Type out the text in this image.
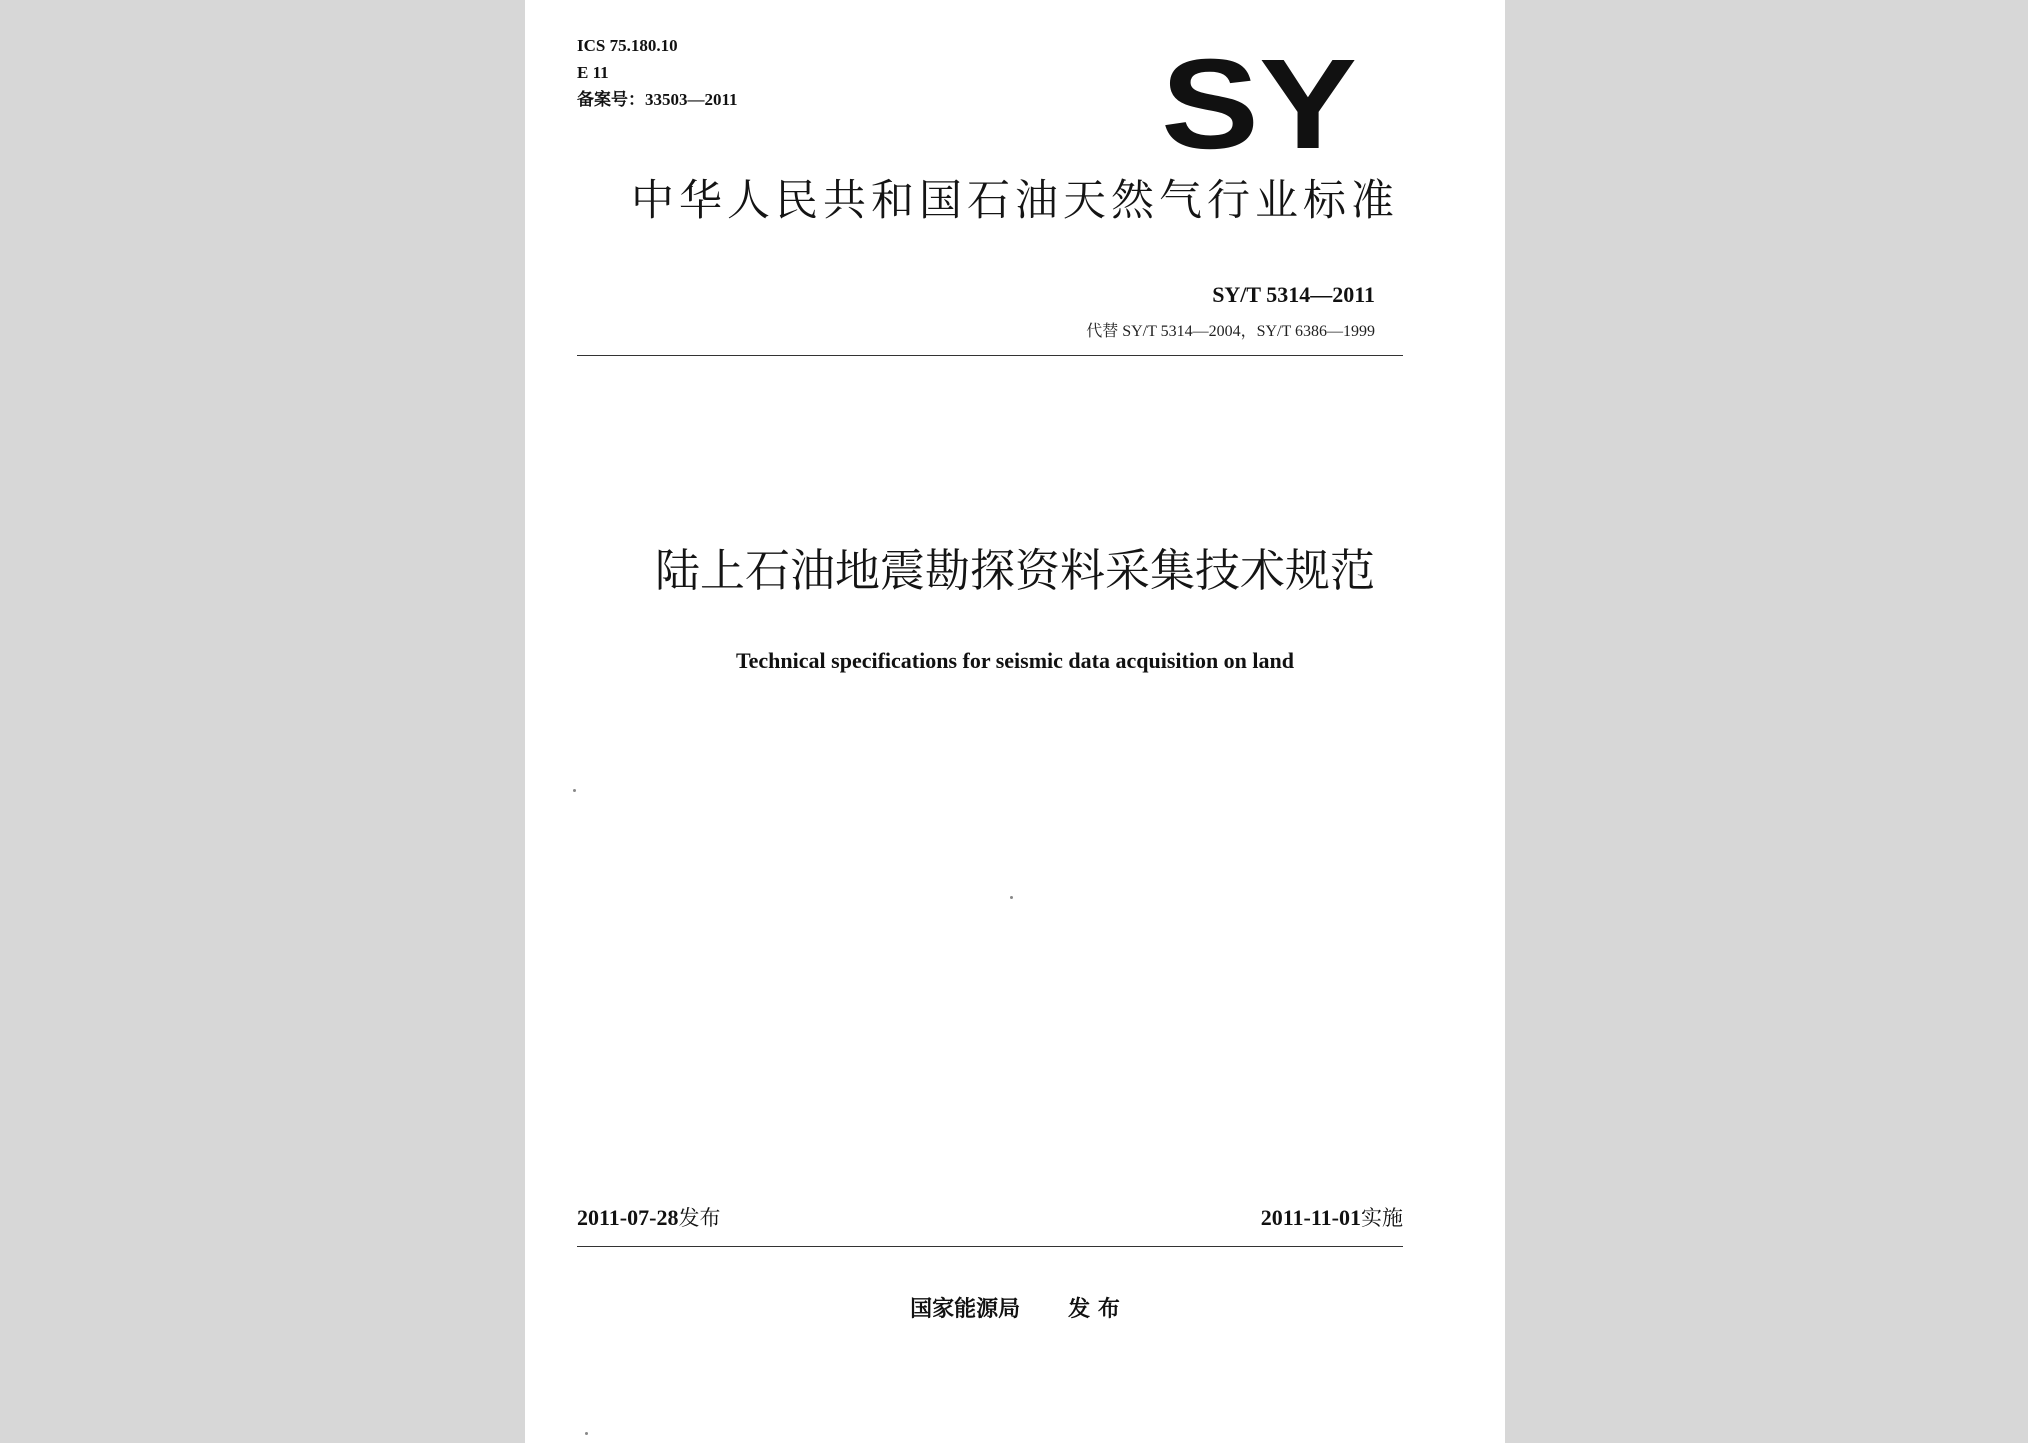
ICS 75.180.10
E 11
备案号：33503—2011	SY
中华人民共和国石油天然气行业标准
SY/T 5314—2011
代替 SY/T 5314—2004，SY/T 6386—1999
陆上石油地震勘探资料采集技术规范
Technical specifications for seismic data acquisition on land
2011-07-28发布	2011-11-01实施
国家能源局 发 布
